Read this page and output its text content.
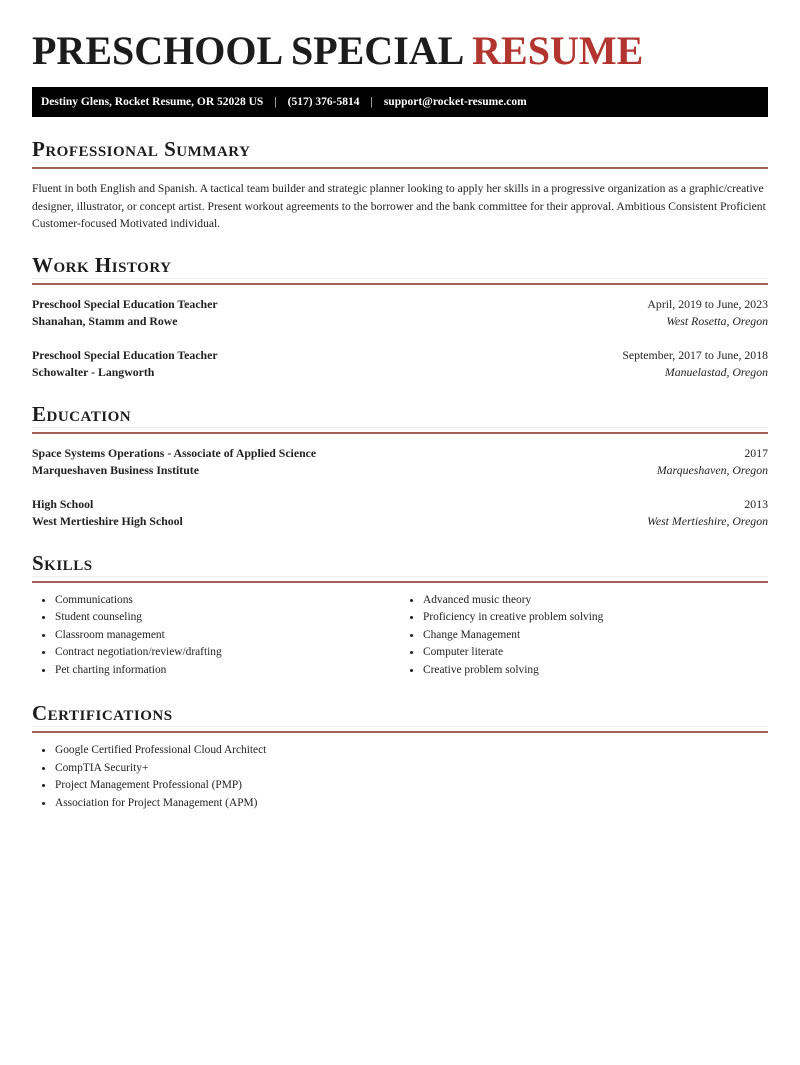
PRESCHOOL SPECIAL RESUME
Destiny Glens, Rocket Resume, OR 52028 US | (517) 376-5814 | support@rocket-resume.com
Professional Summary

Fluent in both English and Spanish. A tactical team builder and strategic planner looking to apply her skills in a progressive organization as a graphic/creative designer, illustrator, or concept artist. Present workout agreements to the borrower and the bank committee for their approval. Ambitious Consistent Proficient Customer-focused Motivated individual.

Work History
Preschool Special Education Teacher
Shanahan, Stamm and Rowe
April, 2019 to June, 2023
West Rosetta, Oregon
Preschool Special Education Teacher
Schowalter - Langworth
September, 2017 to June, 2018
Manuelastad, Oregon
Education
Space Systems Operations - Associate of Applied Science
Marqueshaven Business Institute
2017
Marqueshaven, Oregon
High School
West Mertieshire High School
2013
West Mertieshire, Oregon
Skills
• Communications
• Student counseling
• Classroom management
• Contract negotiation/review/drafting
• Pet charting information
• Advanced music theory
• Proficiency in creative problem solving
• Change Management
• Computer literate
• Creative problem solving
Certifications
• Google Certified Professional Cloud Architect
• CompTIA Security+
• Project Management Professional (PMP)
• Association for Project Management (APM)
